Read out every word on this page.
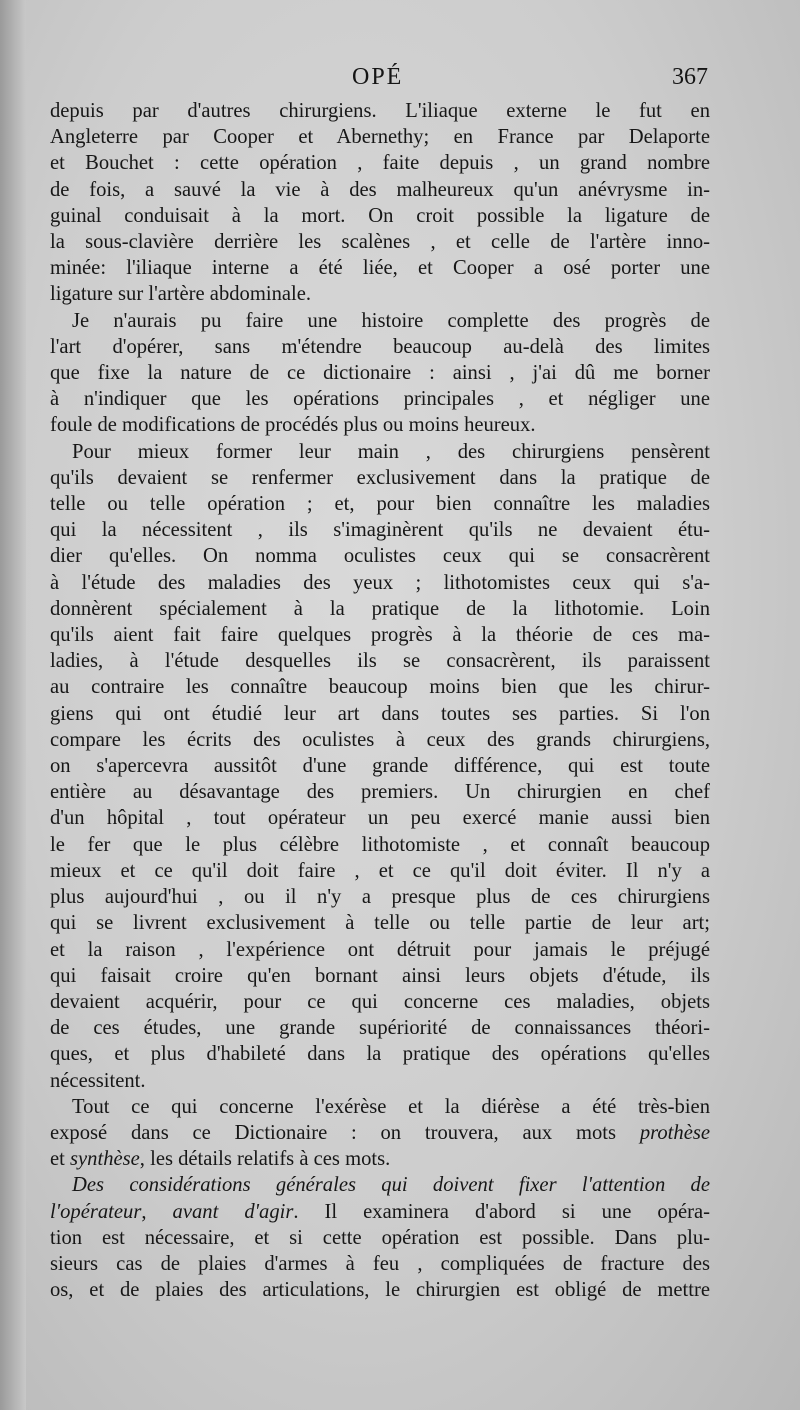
OPÉ	367
depuis par d'autres chirurgiens. L'iliaque externe le fut en
Angleterre par Cooper et Abernethy; en France par Delaporte
et Bouchet : cette opération , faite depuis , un grand nombre
de fois, a sauvé la vie à des malheureux qu'un anévrysme in-
guinal conduisait à la mort. On croit possible la ligature de
la sous-clavière derrière les scalènes , et celle de l'artère inno-
minée: l'iliaque interne a été liée, et Cooper a osé porter une
ligature sur l'artère abdominale.
Je n'aurais pu faire une histoire complette des progrès de
l'art d'opérer, sans m'étendre beaucoup au-delà des limites
que fixe la nature de ce dictionaire : ainsi , j'ai dû me borner
à n'indiquer que les opérations principales , et négliger une
foule de modifications de procédés plus ou moins heureux.
Pour mieux former leur main , des chirurgiens pensèrent
qu'ils devaient se renfermer exclusivement dans la pratique de
telle ou telle opération ; et, pour bien connaître les maladies
qui la nécessitent , ils s'imaginèrent qu'ils ne devaient étu-
dier qu'elles. On nomma oculistes ceux qui se consacrèrent
à l'étude des maladies des yeux ; lithotomistes ceux qui s'a-
donnèrent spécialement à la pratique de la lithotomie. Loin
qu'ils aient fait faire quelques progrès à la théorie de ces ma-
ladies, à l'étude desquelles ils se consacrèrent, ils paraissent
au contraire les connaître beaucoup moins bien que les chirur-
giens qui ont étudié leur art dans toutes ses parties. Si l'on
compare les écrits des oculistes à ceux des grands chirurgiens,
on s'apercevra aussitôt d'une grande différence, qui est toute
entière au désavantage des premiers. Un chirurgien en chef
d'un hôpital , tout opérateur un peu exercé manie aussi bien
le fer que le plus célèbre lithotomiste , et connaît beaucoup
mieux et ce qu'il doit faire , et ce qu'il doit éviter. Il n'y a
plus aujourd'hui , ou il n'y a presque plus de ces chirurgiens
qui se livrent exclusivement à telle ou telle partie de leur art;
et la raison , l'expérience ont détruit pour jamais le préjugé
qui faisait croire qu'en bornant ainsi leurs objets d'étude, ils
devaient acquérir, pour ce qui concerne ces maladies, objets
de ces études, une grande supériorité de connaissances théori-
ques, et plus d'habileté dans la pratique des opérations qu'elles
nécessitent.
Tout ce qui concerne l'exérèse et la diérèse a été très-bien
exposé dans ce Dictionaire : on trouvera, aux mots prothèse
et synthèse, les détails relatifs à ces mots.
Des considérations générales qui doivent fixer l'attention de
l'opérateur, avant d'agir. Il examinera d'abord si une opéra-
tion est nécessaire, et si cette opération est possible. Dans plu-
sieurs cas de plaies d'armes à feu , compliquées de fracture des
os, et de plaies des articulations, le chirurgien est obligé de mettre
